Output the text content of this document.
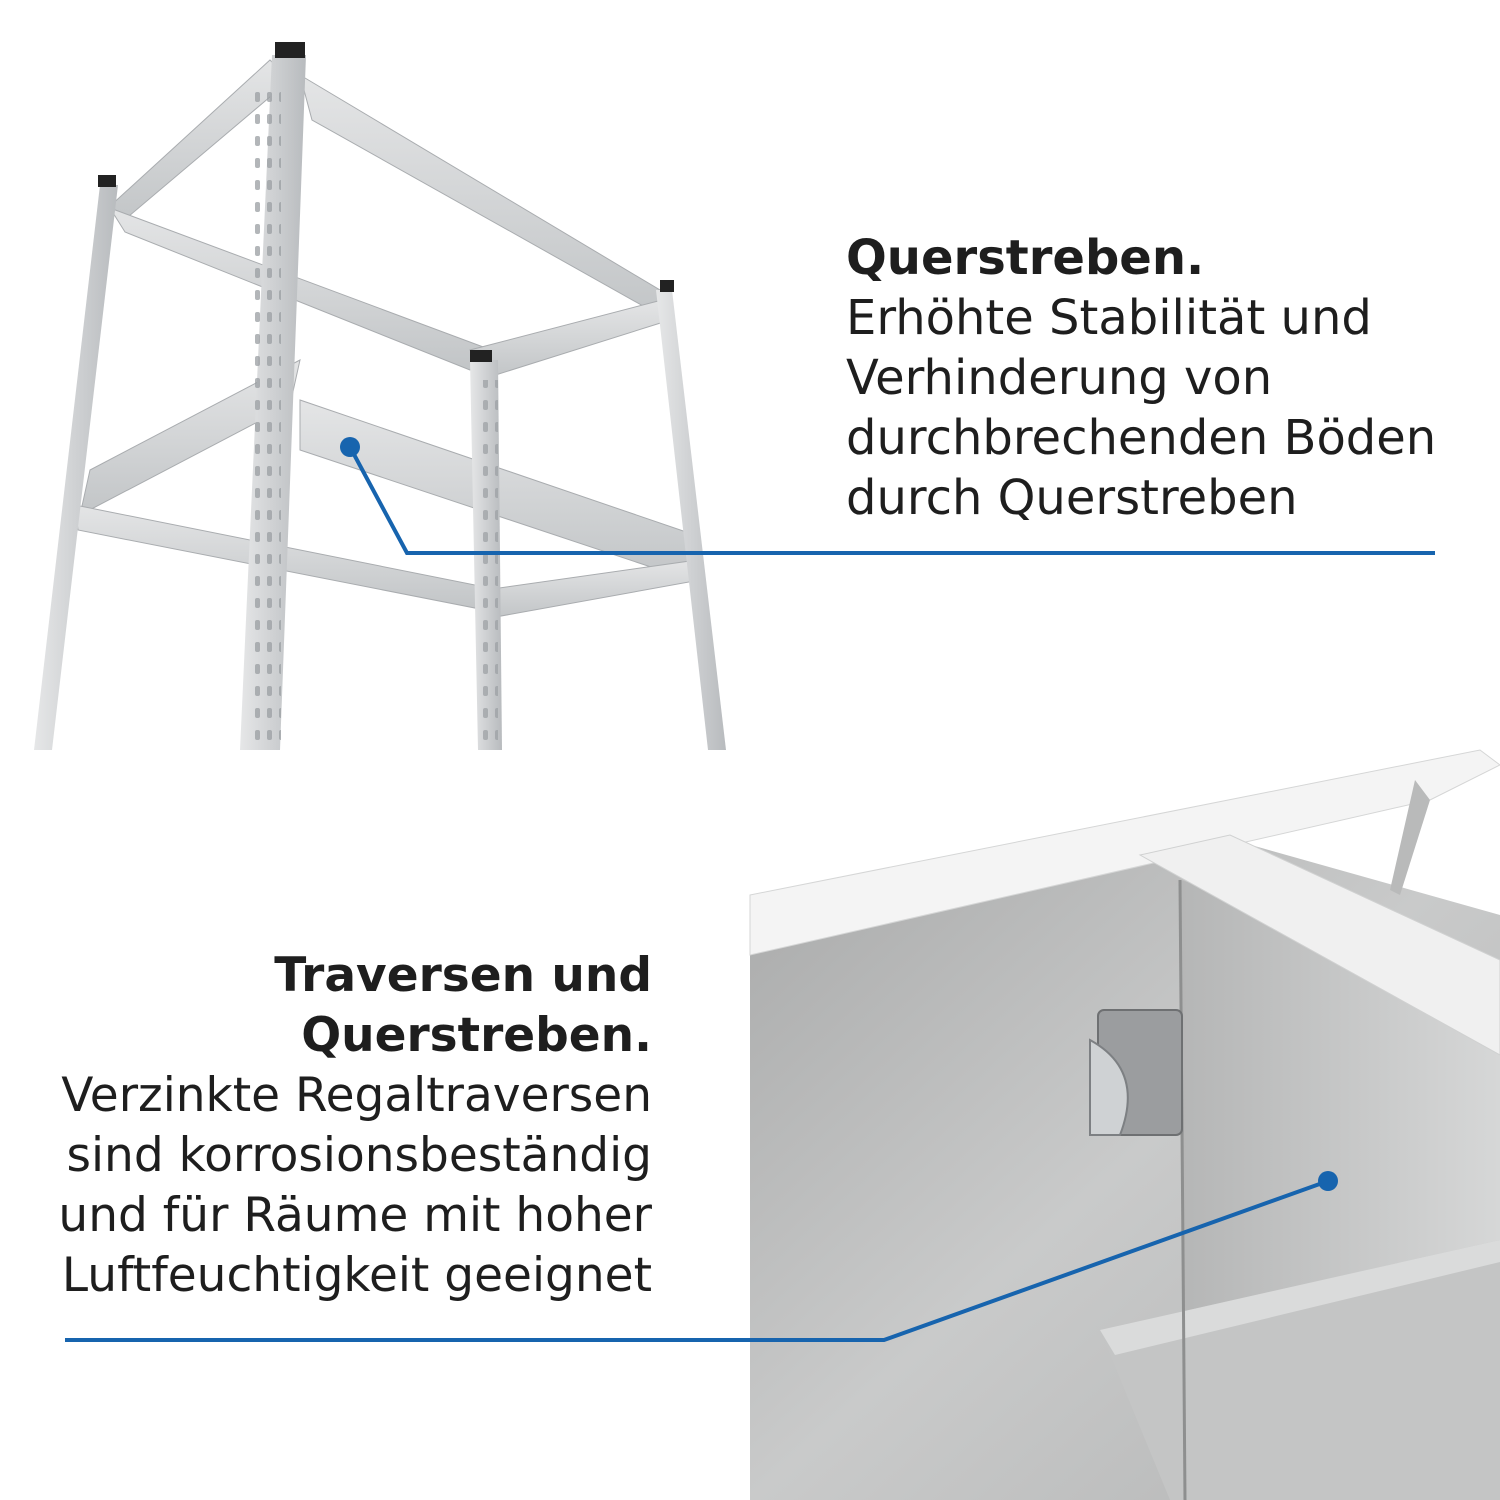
Querstreben.
Erhöhte Stabilität und
Verhinderung von
durchbrechenden Böden
durch Querstreben
Traversen und
Querstreben.
Verzinkte Regaltraversen
sind korrosionsbeständig
und für Räume mit hoher
Luftfeuchtigkeit geeignet
